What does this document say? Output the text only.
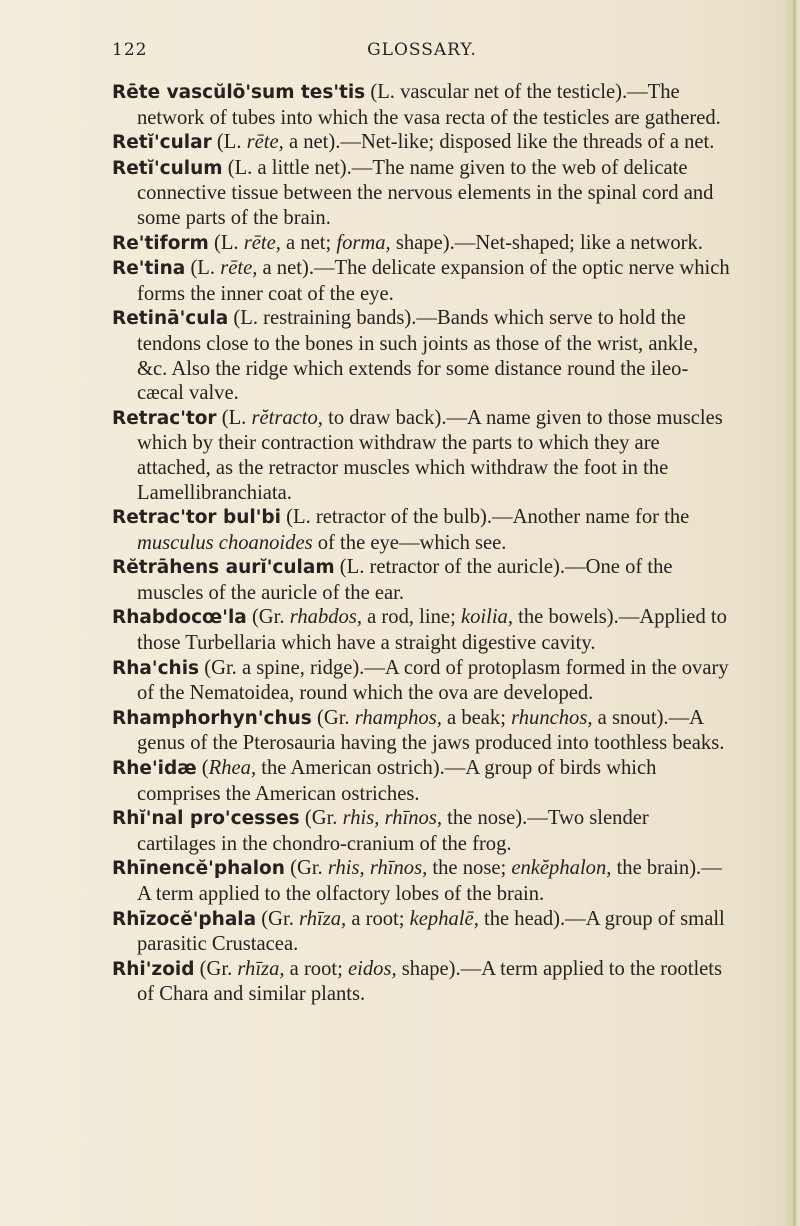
122	GLOSSARY.

Rēte vascŭlō'sum tes'tis (L. vascular net of the testicle).—The network of tubes into which the vasa recta of the testicles are gathered.

Retĭ'cular (L. rēte, a net).—Net-like; disposed like the threads of a net.

Retĭ'culum (L. a little net).—The name given to the web of delicate connective tissue between the nervous elements in the spinal cord and some parts of the brain.

Re'tiform (L. rēte, a net; forma, shape).—Net-shaped; like a network.

Re'tina (L. rēte, a net).—The delicate expansion of the optic nerve which forms the inner coat of the eye.

Retinā'cula (L. restraining bands).—Bands which serve to hold the tendons close to the bones in such joints as those of the wrist, ankle, &c. Also the ridge which extends for some distance round the ileo-cæcal valve.

Retrac'tor (L. rĕtracto, to draw back).—A name given to those muscles which by their contraction withdraw the parts to which they are attached, as the retractor muscles which withdraw the foot in the Lamellibranchiata.

Retrac'tor bul'bi (L. retractor of the bulb).—Another name for the musculus choanoides of the eye—which see.

Rĕtrāhens aurĭ'culam (L. retractor of the auricle).—One of the muscles of the auricle of the ear.

Rhabdocœ'la (Gr. rhabdos, a rod, line; koilia, the bowels).—Applied to those Turbellaria which have a straight digestive cavity.

Rha'chis (Gr. a spine, ridge).—A cord of protoplasm formed in the ovary of the Nematoidea, round which the ova are developed.

Rhamphorhyn'chus (Gr. rhamphos, a beak; rhunchos, a snout).—A genus of the Pterosauria having the jaws produced into toothless beaks.

Rhe'idæ (Rhea, the American ostrich).—A group of birds which comprises the American ostriches.

Rhĭ'nal pro'cesses (Gr. rhis, rhīnos, the nose).—Two slender cartilages in the chondro-cranium of the frog.

Rhīnencĕ'phalon (Gr. rhis, rhīnos, the nose; enkĕphalon, the brain).—A term applied to the olfactory lobes of the brain.

Rhīzocĕ'phala (Gr. rhīza, a root; kephalē, the head).—A group of small parasitic Crustacea.

Rhi'zoid (Gr. rhīza, a root; eidos, shape).—A term applied to the rootlets of Chara and similar plants.
